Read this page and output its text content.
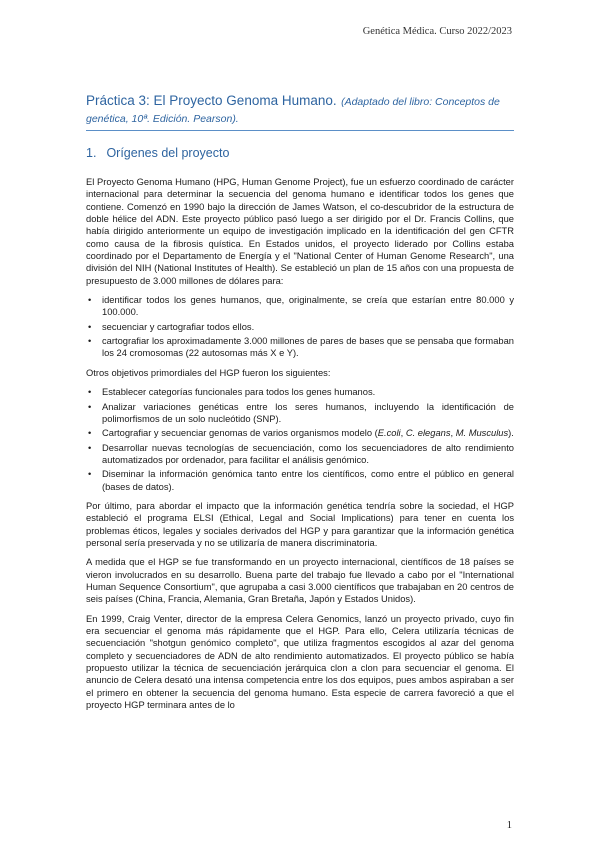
Genética Médica. Curso 2022/2023
Práctica 3: El Proyecto Genoma Humano. (Adaptado del libro: Conceptos de genética, 10ª. Edición. Pearson).
1. Orígenes del proyecto

El Proyecto Genoma Humano (HPG, Human Genome Project), fue un esfuerzo coordinado de carácter internacional para determinar la secuencia del genoma humano e identificar todos los genes que contiene. Comenzó en 1990 bajo la dirección de James Watson, el co-descubridor de la estructura de doble hélice del ADN. Este proyecto público pasó luego a ser dirigido por el Dr. Francis Collins, que había dirigido anteriormente un equipo de investigación implicado en la identificación del gen CFTR como causa de la fibrosis quística. En Estados unidos, el proyecto liderado por Collins estaba coordinado por el Departamento de Energía y el "National Center of Human Genome Research", una división del NIH (National Institutes of Health). Se estableció un plan de 15 años con una propuesta de presupuesto de 3.000 millones de dólares para:

• identificar todos los genes humanos, que, originalmente, se creía que estarían entre 80.000 y 100.000.
• secuenciar y cartografiar todos ellos.
• cartografiar los aproximadamente 3.000 millones de pares de bases que se pensaba que formaban los 24 cromosomas (22 autosomas más X e Y).

Otros objetivos primordiales del HGP fueron los siguientes:

• Establecer categorías funcionales para todos los genes humanos.
• Analizar variaciones genéticas entre los seres humanos, incluyendo la identificación de polimorfismos de un solo nucleótido (SNP).
• Cartografiar y secuenciar genomas de varios organismos modelo (E.coli, C. elegans, M. Musculus).
• Desarrollar nuevas tecnologías de secuenciación, como los secuenciadores de alto rendimiento automatizados por ordenador, para facilitar el análisis genómico.
• Diseminar la información genómica tanto entre los científicos, como entre el público en general (bases de datos).

Por último, para abordar el impacto que la información genética tendría sobre la sociedad, el HGP estableció el programa ELSI (Ethical, Legal and Social Implications) para tener en cuenta los problemas éticos, legales y sociales derivados del HGP y para garantizar que la información genética personal sería preservada y no se utilizaría de manera discriminatoria.

A medida que el HGP se fue transformando en un proyecto internacional, científicos de 18 países se vieron involucrados en su desarrollo. Buena parte del trabajo fue llevado a cabo por el "International Human Sequence Consortium", que agrupaba a casi 3.000 científicos que trabajaban en 20 centros de seis países (China, Francia, Alemania, Gran Bretaña, Japón y Estados Unidos).

En 1999, Craig Venter, director de la empresa Celera Genomics, lanzó un proyecto privado, cuyo fin era secuenciar el genoma más rápidamente que el HGP. Para ello, Celera utilizaría técnicas de secuenciación "shotgun genómico completo", que utiliza fragmentos escogidos al azar del genoma completo y secuenciadores de ADN de alto rendimiento automatizados. El proyecto público se había propuesto utilizar la técnica de secuenciación jerárquica clon a clon para secuenciar el genoma. El anuncio de Celera desató una intensa competencia entre los dos equipos, pues ambos aspiraban a ser el primero en obtener la secuencia del genoma humano. Esta especie de carrera favoreció a que el proyecto HGP terminara antes de lo

1
